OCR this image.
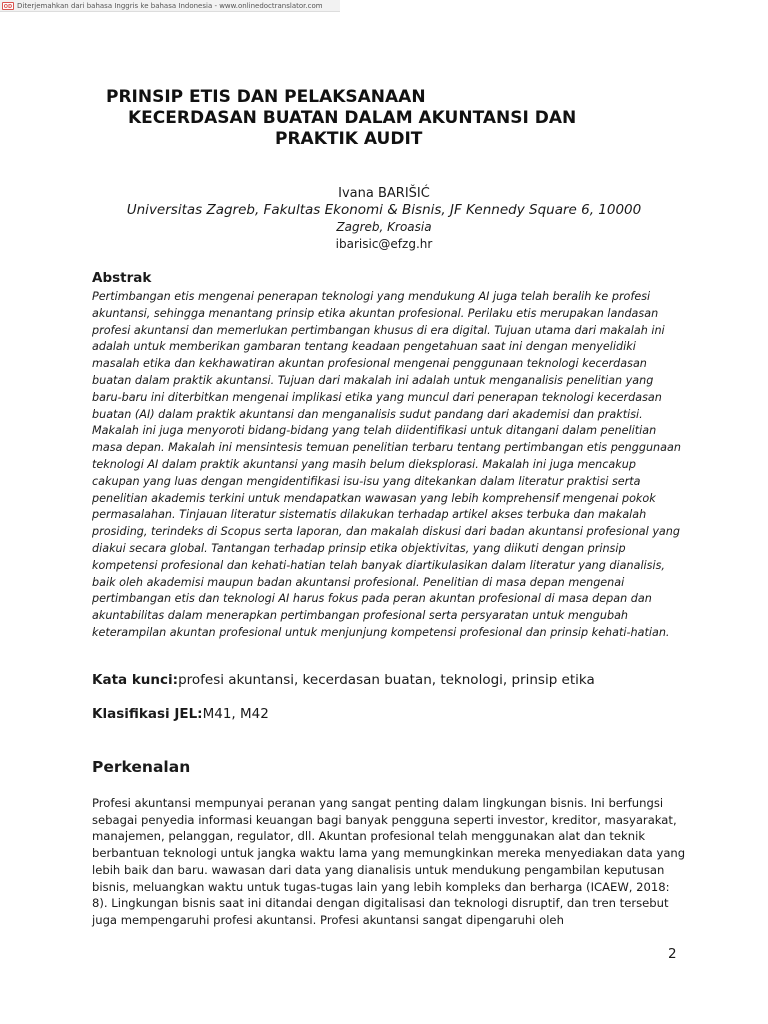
OD Diterjemahkan dari bahasa Inggris ke bahasa Indonesia - www.onlinedoctranslator.com
PRINSIP ETIS DAN PELAKSANAAN
KECERDASAN BUATAN DALAM AKUNTANSI DAN
PRAKTIK AUDIT
Ivana BARIŠIĆ
Universitas Zagreb, Fakultas Ekonomi & Bisnis, JF Kennedy Square 6, 10000
Zagreb, Kroasia
ibarisic@efzg.hr
Abstrak

Pertimbangan etis mengenai penerapan teknologi yang mendukung AI juga telah beralih ke profesi akuntansi, sehingga menantang prinsip etika akuntan profesional. Perilaku etis merupakan landasan profesi akuntansi dan memerlukan pertimbangan khusus di era digital. Tujuan utama dari makalah ini adalah untuk memberikan gambaran tentang keadaan pengetahuan saat ini dengan menyelidiki masalah etika dan kekhawatiran akuntan profesional mengenai penggunaan teknologi kecerdasan buatan dalam praktik akuntansi. Tujuan dari makalah ini adalah untuk menganalisis penelitian yang baru-baru ini diterbitkan mengenai implikasi etika yang muncul dari penerapan teknologi kecerdasan buatan (AI) dalam praktik akuntansi dan menganalisis sudut pandang dari akademisi dan praktisi. Makalah ini juga menyoroti bidang-bidang yang telah diidentifikasi untuk ditangani dalam penelitian masa depan. Makalah ini mensintesis temuan penelitian terbaru tentang pertimbangan etis penggunaan teknologi AI dalam praktik akuntansi yang masih belum dieksplorasi. Makalah ini juga mencakup cakupan yang luas dengan mengidentifikasi isu-isu yang ditekankan dalam literatur praktisi serta penelitian akademis terkini untuk mendapatkan wawasan yang lebih komprehensif mengenai pokok permasalahan. Tinjauan literatur sistematis dilakukan terhadap artikel akses terbuka dan makalah prosiding, terindeks di Scopus serta laporan, dan makalah diskusi dari badan akuntansi profesional yang diakui secara global. Tantangan terhadap prinsip etika objektivitas, yang diikuti dengan prinsip kompetensi profesional dan kehati-hatian telah banyak diartikulasikan dalam literatur yang dianalisis, baik oleh akademisi maupun badan akuntansi profesional. Penelitian di masa depan mengenai pertimbangan etis dan teknologi AI harus fokus pada peran akuntan profesional di masa depan dan akuntabilitas dalam menerapkan pertimbangan profesional serta persyaratan untuk mengubah keterampilan akuntan profesional untuk menjunjung kompetensi profesional dan prinsip kehati-hatian.

Kata kunci:profesi akuntansi, kecerdasan buatan, teknologi, prinsip etika
Klasifikasi JEL:M41, M42
Perkenalan

Profesi akuntansi mempunyai peranan yang sangat penting dalam lingkungan bisnis. Ini berfungsi sebagai penyedia informasi keuangan bagi banyak pengguna seperti investor, kreditor, masyarakat, manajemen, pelanggan, regulator, dll. Akuntan profesional telah menggunakan alat dan teknik berbantuan teknologi untuk jangka waktu lama yang memungkinkan mereka menyediakan data yang lebih baik dan baru. wawasan dari data yang dianalisis untuk mendukung pengambilan keputusan bisnis, meluangkan waktu untuk tugas-tugas lain yang lebih kompleks dan berharga (ICAEW, 2018: 8). Lingkungan bisnis saat ini ditandai dengan digitalisasi dan teknologi disruptif, dan tren tersebut juga mempengaruhi profesi akuntansi. Profesi akuntansi sangat dipengaruhi oleh

2
